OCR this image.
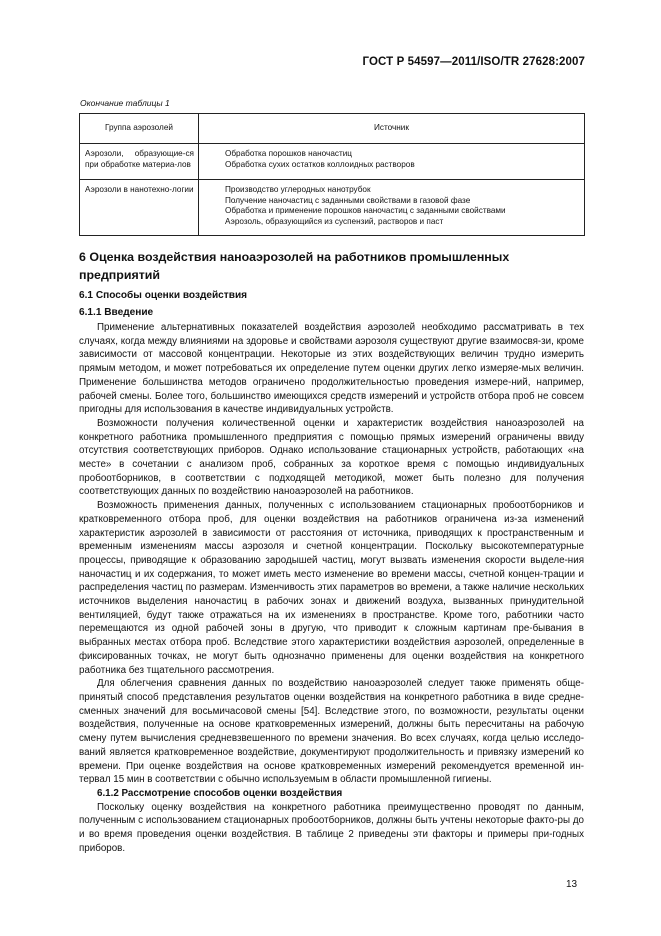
ГОСТ Р 54597—2011/ISO/TR 27628:2007
Окончание таблицы 1
Группа аэрозолей	Источник
Аэрозоли, образующие-ся при обработке материа-лов	Обработка порошков наночастиц
Обработка сухих остатков коллоидных растворов

Аэрозоли в нанотехно-логии	Производство углеродных нанотрубок
Получение наночастиц с заданными свойствами в газовой фазе
Обработка и применение порошков наночастиц с заданными свойствами
Аэрозоль, образующийся из суспензий, растворов и паст
6 Оценка воздействия наноаэрозолей на работников промышленных предприятий
6.1 Способы оценки воздействия
6.1.1 Введение

Применение альтернативных показателей воздействия аэрозолей необходимо рассматривать в тех случаях, когда между влияниями на здоровье и свойствами аэрозоля существуют другие взаимосвя-зи, кроме зависимости от массовой концентрации. Некоторые из этих воздействующих величин трудно измерить прямым методом, и может потребоваться их определение путем оценки других легко измеряе-мых величин. Применение большинства методов ограничено продолжительностью проведения измере-ний, например, рабочей смены. Более того, большинство имеющихся средств измерений и устройств отбора проб не совсем пригодны для использования в качестве индивидуальных устройств.

Возможности получения количественной оценки и характеристик воздействия наноаэрозолей на конкретного работника промышленного предприятия с помощью прямых измерений ограничены ввиду отсутствия соответствующих приборов. Однако использование стационарных устройств, работающих «на месте» в сочетании с анализом проб, собранных за короткое время с помощью индивидуальных пробоотборников, в соответствии с подходящей методикой, может быть полезно для получения соответствующих данных по воздействию наноаэрозолей на работников.

Возможность применения данных, полученных с использованием стационарных пробоотборников и кратковременного отбора проб, для оценки воздействия на работников ограничена из-за изменений характеристик аэрозолей в зависимости от расстояния от источника, приводящих к пространственным и временным изменениям массы аэрозоля и счетной концентрации. Поскольку высокотемпературные процессы, приводящие к образованию зародышей частиц, могут вызвать изменения скорости выделе-ния наночастиц и их содержания, то может иметь место изменение во времени массы, счетной концен-трации и распределения частиц по размерам. Изменчивость этих параметров во времени, а также наличие нескольких источников выделения наночастиц в рабочих зонах и движений воздуха, вызванных принудительной вентиляцией, будут также отражаться на их изменениях в пространстве. Кроме того, работники часто перемещаются из одной рабочей зоны в другую, что приводит к сложным картинам пре-бывания в выбранных местах отбора проб. Вследствие этого характеристики воздействия аэрозолей, определенные в фиксированных точках, не могут быть однозначно применены для оценки воздействия на конкретного работника без тщательного рассмотрения.

Для облегчения сравнения данных по воздействию наноаэрозолей следует также применять обще-принятый способ представления результатов оценки воздействия на конкретного работника в виде средне-сменных значений для восьмичасовой смены [54]. Вследствие этого, по возможности, результаты оценки воздействия, полученные на основе кратковременных измерений, должны быть пересчитаны на рабочую смену путем вычисления средневзвешенного по времени значения. Во всех случаях, когда целью исследо-ваний является кратковременное воздействие, документируют продолжительность и привязку измерений ко времени. При оценке воздействия на основе кратковременных измерений рекомендуется временной ин-тервал 15 мин в соответствии с обычно используемым в области промышленной гигиены.

6.1.2 Рассмотрение способов оценки воздействия

Поскольку оценку воздействия на конкретного работника преимущественно проводят по данным, полученным с использованием стационарных пробоотборников, должны быть учтены некоторые факто-ры до и во время проведения оценки воздействия. В таблице 2 приведены эти факторы и примеры при-годных приборов.

13
